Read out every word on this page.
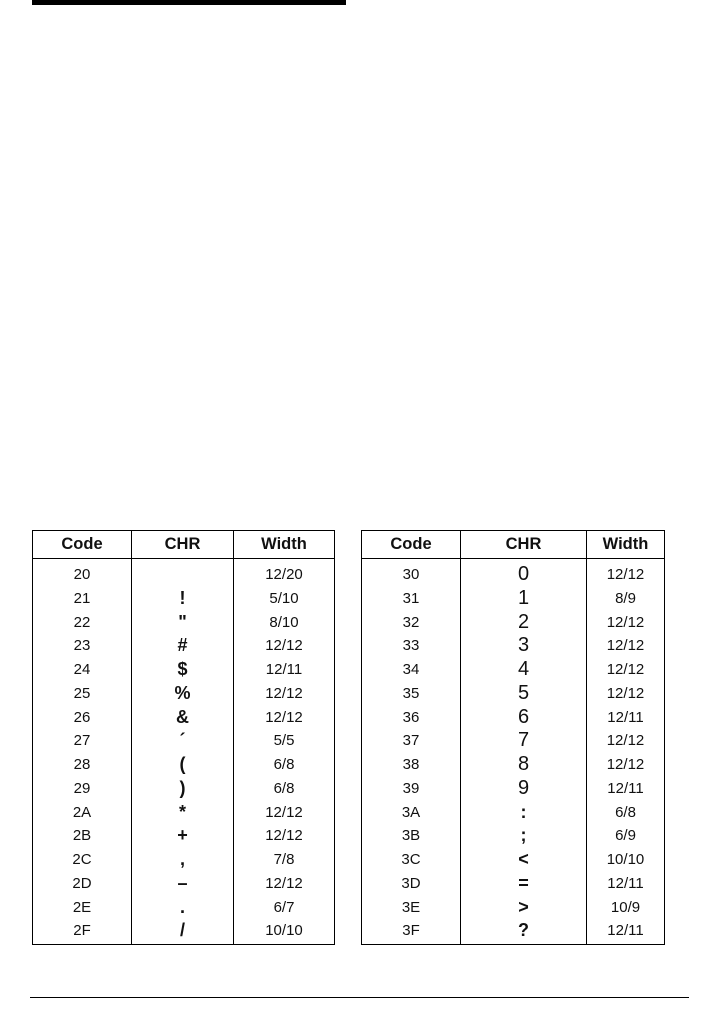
Code
20
21
22
23
24
25
26
27
28
29
2A
2B
2C
2D
2E
2F
CHR
!
"
#
$
%
&
´
(
)
*
+
,
–
.
/
Width
12/20
5/10
8/10
12/12
12/11
12/12
12/12
5/5
6/8
6/8
12/12
12/12
7/8
12/12
6/7
10/10
Code
30
31
32
33
34
35
36
37
38
39
3A
3B
3C
3D
3E
3F
CHR
0
1
2
3
4
5
6
7
8
9
:
;
<
=
>
?
Width
12/12
8/9
12/12
12/12
12/12
12/12
12/11
12/12
12/12
12/11
6/8
6/9
10/10
12/11
10/9
12/11
